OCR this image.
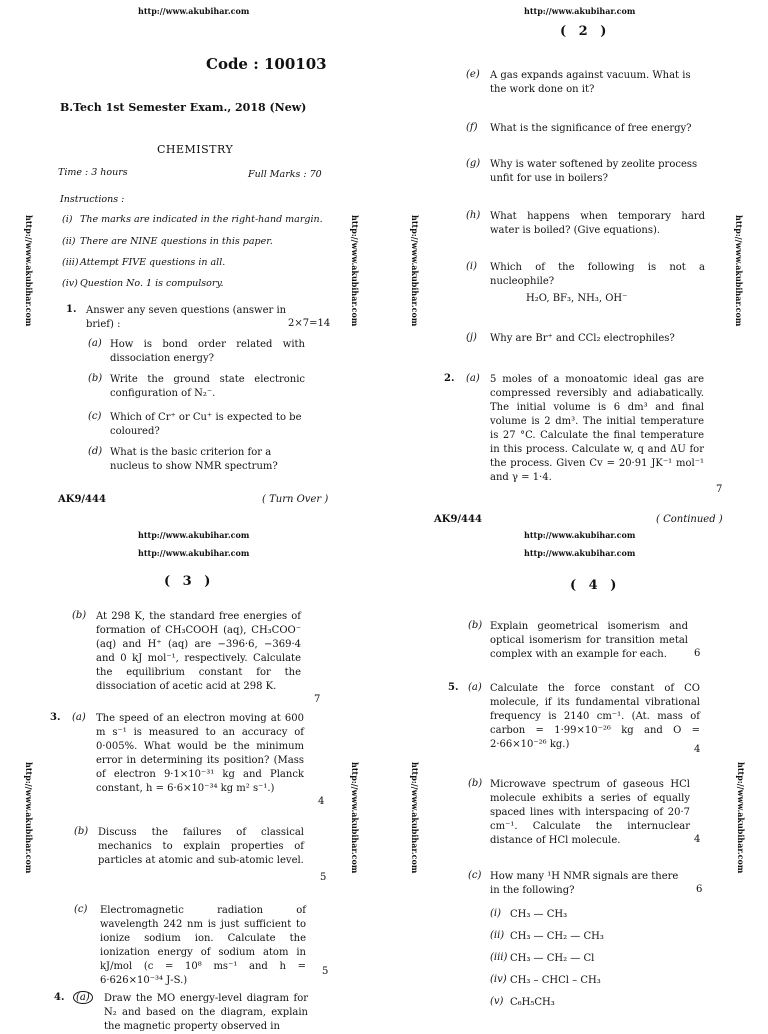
http://www.akubihar.com
http://www.akubihar.com	http://www.akubihar.com
Code : 100103
B.Tech 1st Semester Exam., 2018 (New)
CHEMISTRY
Time : 3 hours	Full Marks : 70
Instructions :
(i) The marks are indicated in the right-hand margin.
(ii) There are NINE questions in this paper.
(iii) Attempt FIVE questions in all.
(iv) Question No. 1 is compulsory.
1. Answer any seven questions (answer in brief) :	2×7=14
(a) How is bond order related with dissociation energy?
(b) Write the ground state electronic configuration of N₂⁻.
(c) Which of Cr⁺ or Cu⁺ is expected to be coloured?
(d) What is the basic criterion for a nucleus to show NMR spectrum?
AK9/444	( Turn Over )
http://www.akubihar.com
( 2 )
http://www.akubihar.com	http://www.akubihar.com
(e) A gas expands against vacuum. What is the work done on it?
(f) What is the significance of free energy?
(g) Why is water softened by zeolite process unfit for use in boilers?
(h) What happens when temporary hard water is boiled? (Give equations).
(i) Which of the following is not a nucleophile?
H₂O, BF₃, NH₃, OH⁻
(j) Why are Br⁺ and CCl₂ electrophiles?
2. (a) 5 moles of a monoatomic ideal gas are compressed reversibly and adiabatically. The initial volume is 6 dm³ and final volume is 2 dm³. The initial temperature is 27 °C. Calculate the final temperature in this process. Calculate w, q and ΔU for the process. Given Cv = 20·91 JK⁻¹ mol⁻¹ and γ = 1·4.
7
AK9/444	( Continued )
http://www.akubihar.com
http://www.akubihar.com
( 3 )
http://www.akubihar.com	http://www.akubihar.com
(b) At 298 K, the standard free energies of formation of CH₃COOH (aq), CH₃COO⁻ (aq) and H⁺ (aq) are −396·6, −369·4 and 0 kJ mol⁻¹, respectively. Calculate the equilibrium constant for the dissociation of acetic acid at 298 K.
7
3. (a) The speed of an electron moving at 600 m s⁻¹ is measured to an accuracy of 0·005%. What would be the minimum error in determining its position? (Mass of electron 9·1×10⁻³¹ kg and Planck constant, h = 6·6×10⁻³⁴ kg m² s⁻¹.)
4
(b) Discuss the failures of classical mechanics to explain properties of particles at atomic and sub-atomic level.
5
(c) Electromagnetic radiation of wavelength 242 nm is just sufficient to ionize sodium ion. Calculate the ionization energy of sodium atom in kJ/mol (c = 10⁸ ms⁻¹ and h = 6·626×10⁻³⁴ J-S.)
5
4.	(a)	Draw the MO energy-level diagram for N₂ and based on the diagram, explain the magnetic property observed in
http://www.akubihar.com
http://www.akubihar.com
( 4 )
http://www.akubihar.com	http://www.akubihar.com
(b) Explain geometrical isomerism and optical isomerism for transition metal complex with an example for each.	6
5. (a) Calculate the force constant of CO molecule, if its fundamental vibrational frequency is 2140 cm⁻¹. (At. mass of carbon = 1·99×10⁻²⁶ kg and O = 2·66×10⁻²⁶ kg.)	4
(b) Microwave spectrum of gaseous HCl molecule exhibits a series of equally spaced lines with interspacing of 20·7 cm⁻¹. Calculate the internuclear distance of HCl molecule.	4
(c) How many ¹H NMR signals are there in the following?	6
(i) CH₃ — CH₃
(ii) CH₃ — CH₂ — CH₃
(iii) CH₃ — CH₂ — Cl
(iv) CH₃ – CHCl – CH₃
(v) C₆H₅CH₃
